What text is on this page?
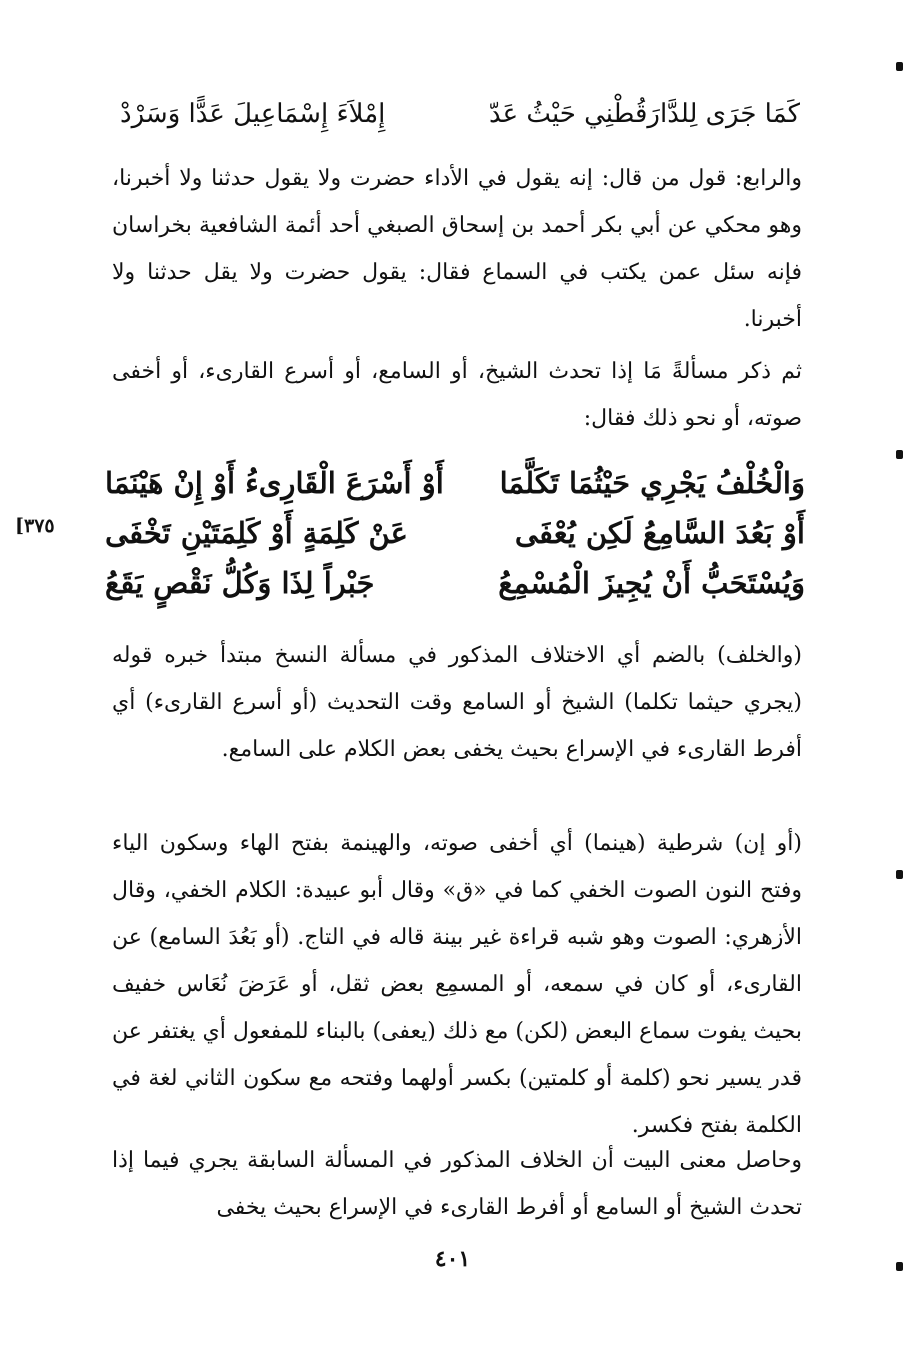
كَمَا جَرَى لِلدَّارَقُطْنِي حَيْثُ عَدّ
إِمْلاَءَ إِسْمَاعِيلَ عَدًّا وَسَرْدْ

والرابع: قول من قال: إنه يقول في الأداء حضرت ولا يقول حدثنا ولا أخبرنا، وهو محكي عن أبي بكر أحمد بن إسحاق الصبغي أحد أئمة الشافعية بخراسان فإنه سئل عمن يكتب في السماع فقال: يقول حضرت ولا يقل حدثنا ولا أخبرنا.

ثم ذكر مسألةً مَا إذا تحدث الشيخ، أو السامع، أو أسرع القارىء، أو أخفى صوته، أو نحو ذلك فقال:

وَالْخُلْفُ يَجْرِي حَيْثُمَا تَكَلَّمَا
أَوْ أَسْرَعَ الْقَارِىءُ أَوْ إِنْ هَيْنَمَا
أَوْ بَعُدَ السَّامِعُ لَكِن يُعْفَى
عَنْ كَلِمَةٍ أَوْ كَلِمَتَيْنِ تَخْفَى
وَيُسْتَحَبُّ أَنْ يُجِيزَ الْمُسْمِعُ
جَبْراً لِذَا وَكُلُّ نَقْصٍ يَقَعُ
[٣٧٥

(والخلف) بالضم أي الاختلاف المذكور في مسألة النسخ مبتدأ خبره قوله (يجري حيثما تكلما) الشيخ أو السامع وقت التحديث (أو أسرع القارىء) أي أفرط القارىء في الإسراع بحيث يخفى بعض الكلام على السامع.

(أو إن) شرطية (هينما) أي أخفى صوته، والهينمة بفتح الهاء وسكون الياء وفتح النون الصوت الخفي كما في «ق» وقال أبو عبيدة: الكلام الخفي، وقال الأزهري: الصوت وهو شبه قراءة غير بينة قاله في التاج. (أو بَعُدَ السامع) عن القارىء، أو كان في سمعه، أو المسمِع بعض ثقل، أو عَرَضَ نُعَاس خفيف بحيث يفوت سماع البعض (لكن) مع ذلك (يعفى) بالبناء للمفعول أي يغتفر عن قدر يسير نحو (كلمة أو كلمتين) بكسر أولهما وفتحه مع سكون الثاني لغة في الكلمة بفتح فكسر.

وحاصل معنى البيت أن الخلاف المذكور في المسألة السابقة يجري فيما إذا تحدث الشيخ أو السامع أو أفرط القارىء في الإسراع بحيث يخفى

٤٠١
